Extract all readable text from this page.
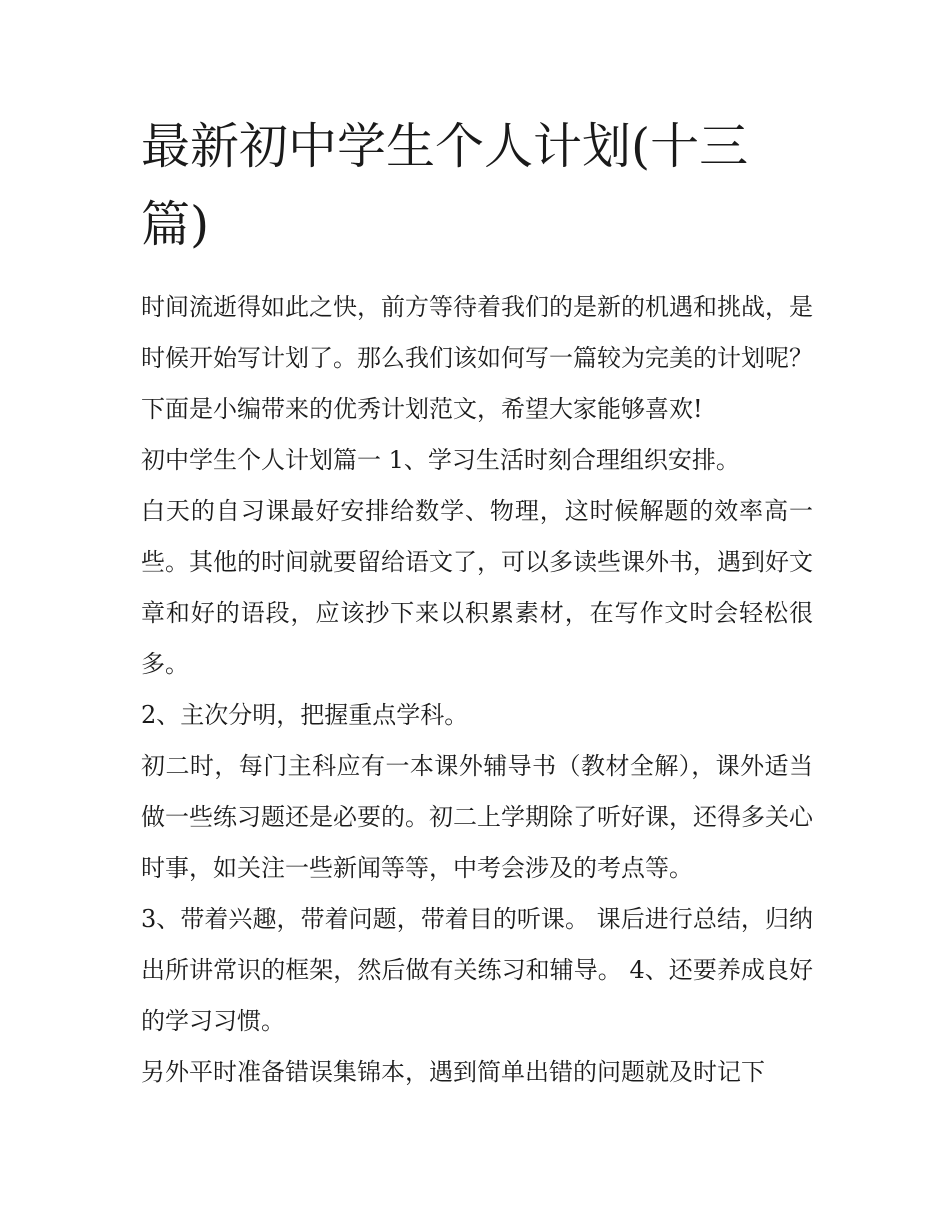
最新初中学生个人计划(十三篇)

时间流逝得如此之快，前方等待着我们的是新的机遇和挑战，是时候开始写计划了。那么我们该如何写一篇较为完美的计划呢？下面是小编带来的优秀计划范文，希望大家能够喜欢!

初中学生个人计划篇一 1、学习生活时刻合理组织安排。

白天的自习课最好安排给数学、物理，这时候解题的效率高一些。其他的时间就要留给语文了，可以多读些课外书，遇到好文章和好的语段，应该抄下来以积累素材，在写作文时会轻松很多。

2、主次分明，把握重点学科。

初二时，每门主科应有一本课外辅导书（教材全解），课外适当做一些练习题还是必要的。初二上学期除了听好课，还得多关心时事，如关注一些新闻等等，中考会涉及的考点等。

3、带着兴趣，带着问题，带着目的听课。 课后进行总结，归纳出所讲常识的框架，然后做有关练习和辅导。 4、还要养成良好的学习习惯。

另外平时准备错误集锦本，遇到简单出错的问题就及时记下
